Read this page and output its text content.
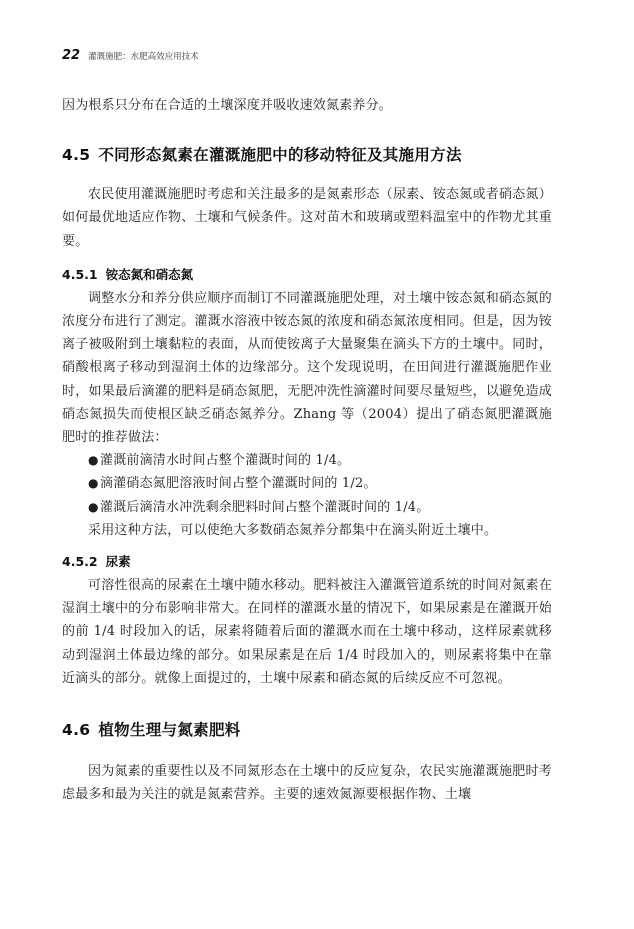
22 灌溉施肥：水肥高效应用技术

因为根系只分布在合适的土壤深度并吸收速效氮素养分。

4.5 不同形态氮素在灌溉施肥中的移动特征及其施用方法

农民使用灌溉施肥时考虑和关注最多的是氮素形态（尿素、铵态氮或者硝态氮）如何最优地适应作物、土壤和气候条件。这对苗木和玻璃或塑料温室中的作物尤其重要。

4.5.1 铵态氮和硝态氮

调整水分和养分供应顺序而制订不同灌溉施肥处理，对土壤中铵态氮和硝态氮的浓度分布进行了测定。灌溉水溶液中铵态氮的浓度和硝态氮浓度相同。但是，因为铵离子被吸附到土壤黏粒的表面，从而使铵离子大量聚集在滴头下方的土壤中。同时，硝酸根离子移动到湿润土体的边缘部分。这个发现说明，在田间进行灌溉施肥作业时，如果最后滴灌的肥料是硝态氮肥，无肥冲洗性滴灌时间要尽量短些，以避免造成硝态氮损失而使根区缺乏硝态氮养分。Zhang 等（2004）提出了硝态氮肥灌溉施肥时的推荐做法：

●灌溉前滴清水时间占整个灌溉时间的 1/4。
●滴灌硝态氮肥溶液时间占整个灌溉时间的 1/2。
●灌溉后滴清水冲洗剩余肥料时间占整个灌溉时间的 1/4。

采用这种方法，可以使绝大多数硝态氮养分都集中在滴头附近土壤中。

4.5.2 尿素

可溶性很高的尿素在土壤中随水移动。肥料被注入灌溉管道系统的时间对氮素在湿润土壤中的分布影响非常大。在同样的灌溉水量的情况下，如果尿素是在灌溉开始的前 1/4 时段加入的话，尿素将随着后面的灌溉水而在土壤中移动，这样尿素就移动到湿润土体最边缘的部分。如果尿素是在后 1/4 时段加入的，则尿素将集中在靠近滴头的部分。就像上面提过的，土壤中尿素和硝态氮的后续反应不可忽视。

4.6 植物生理与氮素肥料

因为氮素的重要性以及不同氮形态在土壤中的反应复杂，农民实施灌溉施肥时考虑最多和最为关注的就是氮素营养。主要的速效氮源要根据作物、土壤
